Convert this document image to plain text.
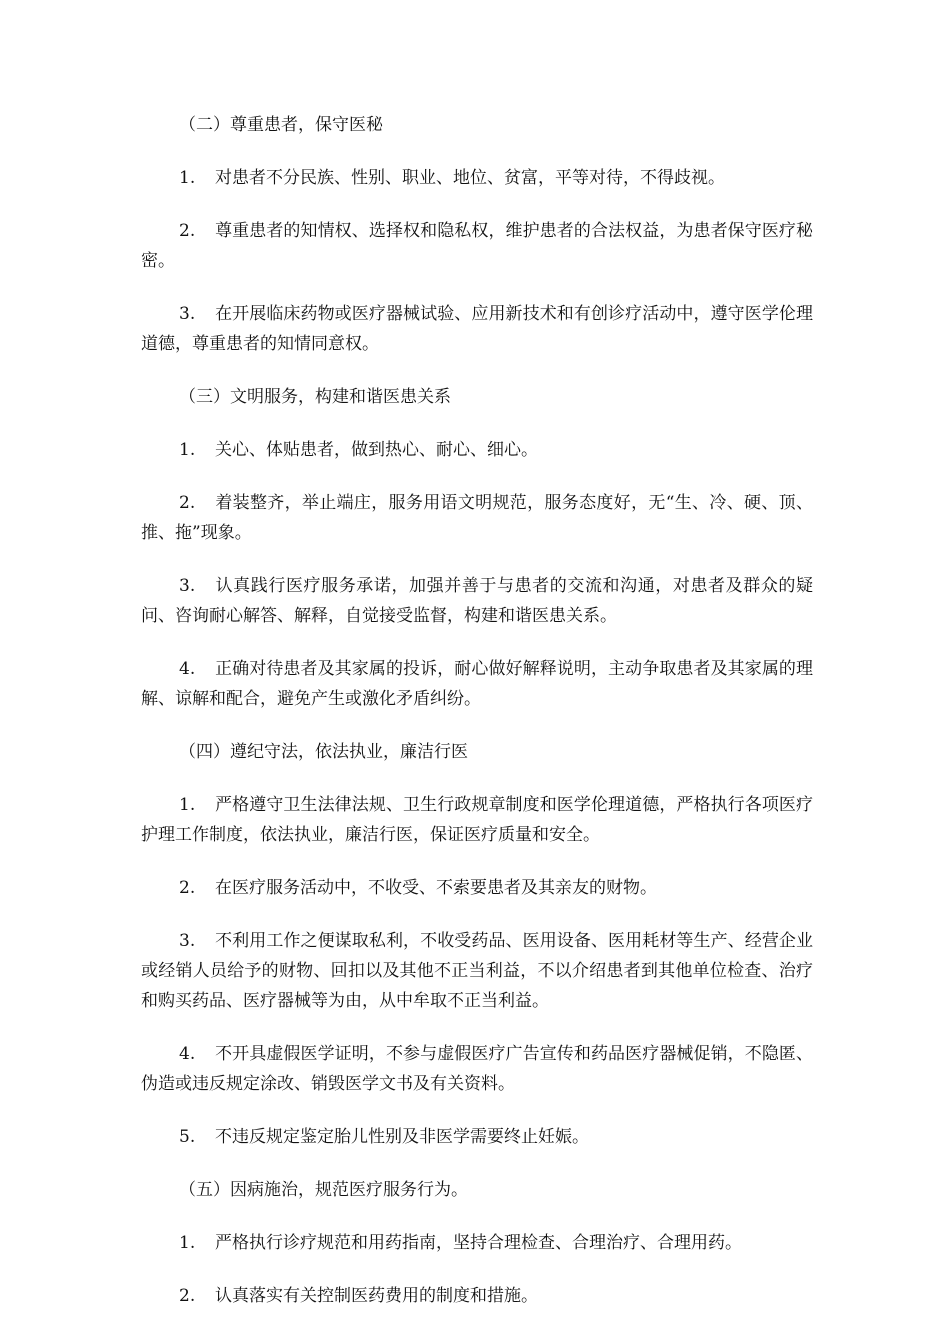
（二）尊重患者，保守医秘

1. 对患者不分民族、性别、职业、地位、贫富，平等对待，不得歧视。

2. 尊重患者的知情权、选择权和隐私权，维护患者的合法权益，为患者保守医疗秘密。

3. 在开展临床药物或医疗器械试验、应用新技术和有创诊疗活动中，遵守医学伦理道德，尊重患者的知情同意权。

（三）文明服务，构建和谐医患关系

1. 关心、体贴患者，做到热心、耐心、细心。

2. 着装整齐，举止端庄，服务用语文明规范，服务态度好，无“生、冷、硬、顶、推、拖”现象。

3. 认真践行医疗服务承诺，加强并善于与患者的交流和沟通，对患者及群众的疑问、咨询耐心解答、解释，自觉接受监督，构建和谐医患关系。

4. 正确对待患者及其家属的投诉，耐心做好解释说明，主动争取患者及其家属的理解、谅解和配合，避免产生或激化矛盾纠纷。

（四）遵纪守法，依法执业，廉洁行医

1. 严格遵守卫生法律法规、卫生行政规章制度和医学伦理道德，严格执行各项医疗护理工作制度，依法执业，廉洁行医，保证医疗质量和安全。

2. 在医疗服务活动中，不收受、不索要患者及其亲友的财物。

3. 不利用工作之便谋取私利，不收受药品、医用设备、医用耗材等生产、经营企业或经销人员给予的财物、回扣以及其他不正当利益，不以介绍患者到其他单位检查、治疗和购买药品、医疗器械等为由，从中牟取不正当利益。

4. 不开具虚假医学证明，不参与虚假医疗广告宣传和药品医疗器械促销，不隐匿、伪造或违反规定涂改、销毁医学文书及有关资料。

5. 不违反规定鉴定胎儿性别及非医学需要终止妊娠。

（五）因病施治，规范医疗服务行为。

1. 严格执行诊疗规范和用药指南，坚持合理检查、合理治疗、合理用药。

2. 认真落实有关控制医药费用的制度和措施。
